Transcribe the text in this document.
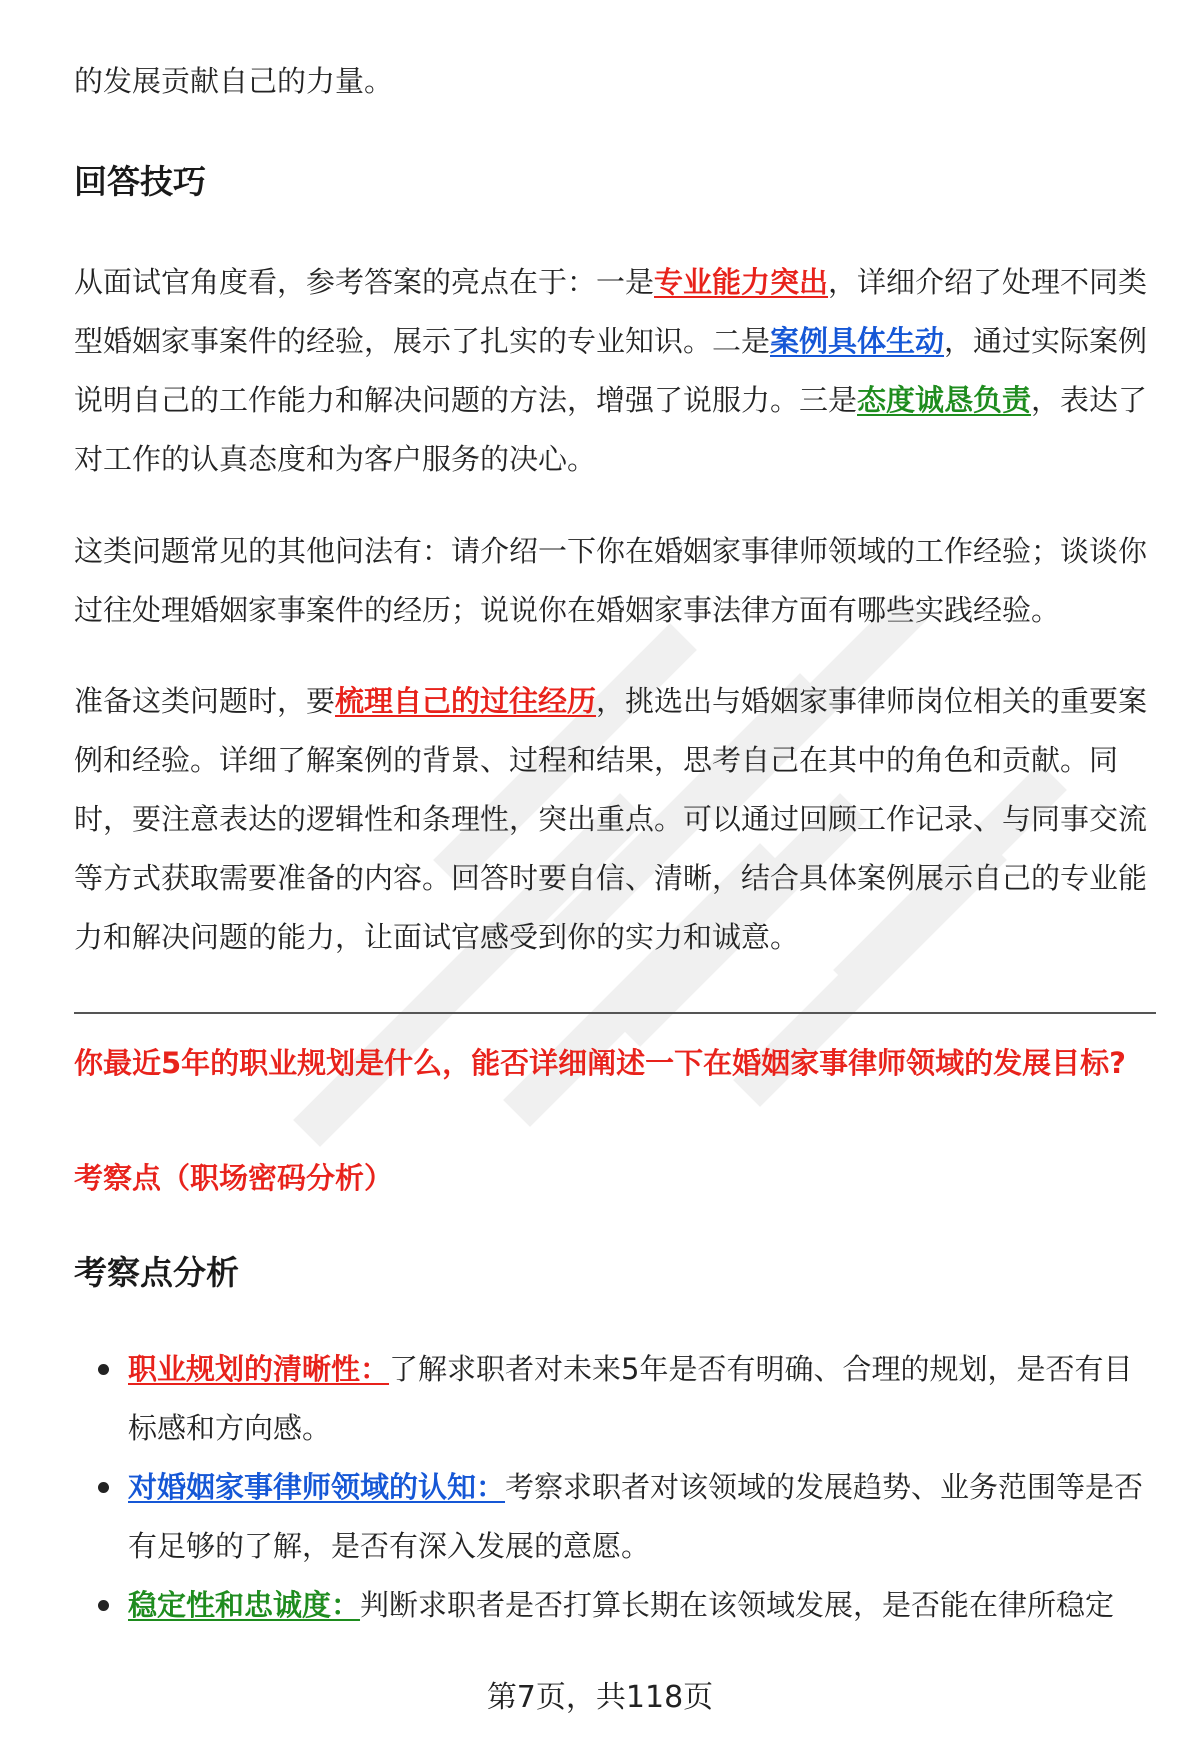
的发展贡献自己的力量。

回答技巧

从面试官角度看，参考答案的亮点在于：一是专业能力突出，详细介绍了处理不同类型婚姻家事案件的经验，展示了扎实的专业知识。二是案例具体生动，通过实际案例说明自己的工作能力和解决问题的方法，增强了说服力。三是态度诚恳负责，表达了对工作的认真态度和为客户服务的决心。

这类问题常见的其他问法有：请介绍一下你在婚姻家事律师领域的工作经验；谈谈你过往处理婚姻家事案件的经历；说说你在婚姻家事法律方面有哪些实践经验。

准备这类问题时，要梳理自己的过往经历，挑选出与婚姻家事律师岗位相关的重要案例和经验。详细了解案例的背景、过程和结果，思考自己在其中的角色和贡献。同时，要注意表达的逻辑性和条理性，突出重点。可以通过回顾工作记录、与同事交流等方式获取需要准备的内容。回答时要自信、清晰，结合具体案例展示自己的专业能力和解决问题的能力，让面试官感受到你的实力和诚意。

你最近5年的职业规划是什么，能否详细阐述一下在婚姻家事律师领域的发展目标?

考察点（职场密码分析）

考察点分析
职业规划的清晰性：了解求职者对未来5年是否有明确、合理的规划，是否有目标感和方向感。
对婚姻家事律师领域的认知：考察求职者对该领域的发展趋势、业务范围等是否有足够的了解，是否有深入发展的意愿。
稳定性和忠诚度：判断求职者是否打算长期在该领域发展，是否能在律所稳定
第7页，共118页
